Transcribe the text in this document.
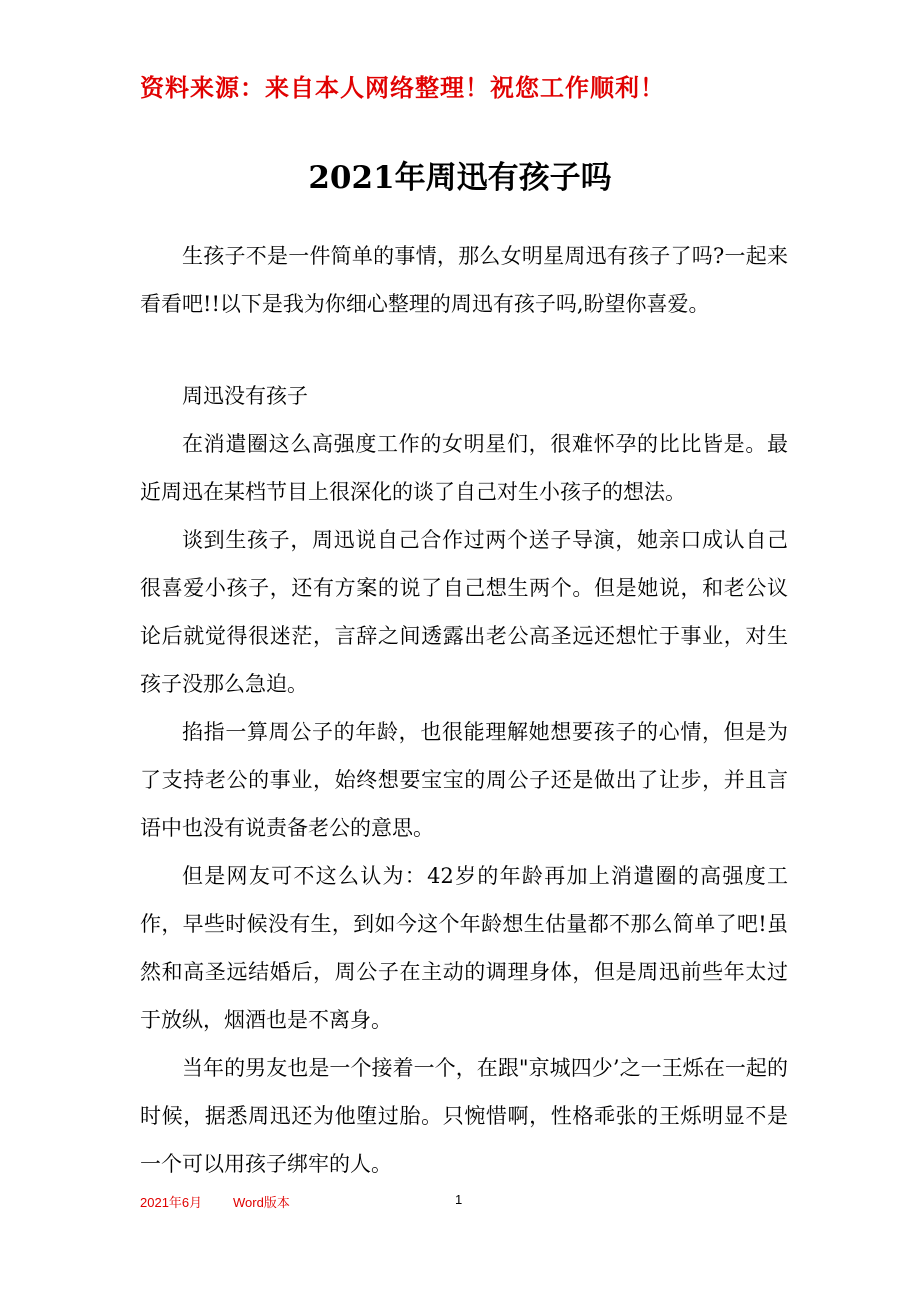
资料来源：来自本人网络整理！祝您工作顺利！
2021年周迅有孩子吗

生孩子不是一件简单的事情，那么女明星周迅有孩子了吗?一起来看看吧!!以下是我为你细心整理的周迅有孩子吗,盼望你喜爱。

周迅没有孩子

在消遣圈这么高强度工作的女明星们，很难怀孕的比比皆是。最近周迅在某档节目上很深化的谈了自己对生小孩子的想法。

谈到生孩子，周迅说自己合作过两个送子导演，她亲口成认自己很喜爱小孩子，还有方案的说了自己想生两个。但是她说，和老公议论后就觉得很迷茫，言辞之间透露出老公高圣远还想忙于事业，对生孩子没那么急迫。

掐指一算周公子的年龄，也很能理解她想要孩子的心情，但是为了支持老公的事业，始终想要宝宝的周公子还是做出了让步，并且言语中也没有说责备老公的意思。

但是网友可不这么认为：42岁的年龄再加上消遣圈的高强度工作，早些时候没有生，到如今这个年龄想生估量都不那么简单了吧!虽然和高圣远结婚后，周公子在主动的调理身体，但是周迅前些年太过于放纵，烟酒也是不离身。

当年的男友也是一个接着一个，在跟"京城四少’之一王烁在一起的时候，据悉周迅还为他堕过胎。只惋惜啊，性格乖张的王烁明显不是一个可以用孩子绑牢的人。

2021年6月 Word版本	1
